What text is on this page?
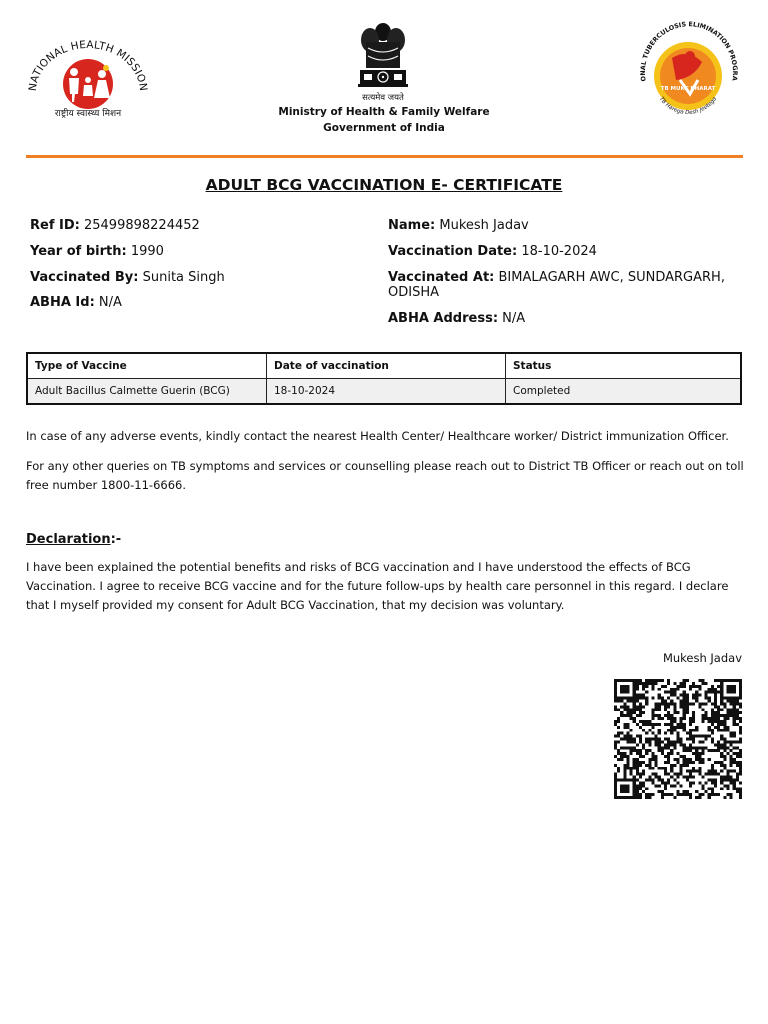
NATIONAL HEALTH MISSION
राष्ट्रीय स्वास्थ्य मिशन
सत्यमेव जयते
Ministry of Health & Family Welfare
Government of India
ONAL TUBERCULOSIS ELIMINATION PROGRA
TB MUKT BHARAT
TB Harega Desh Jeetega
ADULT BCG VACCINATION E- CERTIFICATE
Ref ID: 25499898224452
Year of birth: 1990
Vaccinated By: Sunita Singh
ABHA Id: N/A
Name: Mukesh Jadav
Vaccination Date: 18-10-2024
Vaccinated At: BIMALAGARH AWC, SUNDARGARH, ODISHA
ABHA Address: N/A
Type of Vaccine	Date of vaccination	Status
Adult Bacillus Calmette Guerin (BCG)	18-10-2024	Completed
In case of any adverse events, kindly contact the nearest Health Center/ Healthcare worker/ District immunization Officer.
For any other queries on TB symptoms and services or counselling please reach out to District TB Officer or reach out on toll free number 1800-11-6666.
Declaration:-
I have been explained the potential benefits and risks of BCG vaccination and I have understood the effects of BCG Vaccination. I agree to receive BCG vaccine and for the future follow-ups by health care personnel in this regard. I declare that I myself provided my consent for Adult BCG Vaccination, that my decision was voluntary.
Mukesh Jadav
